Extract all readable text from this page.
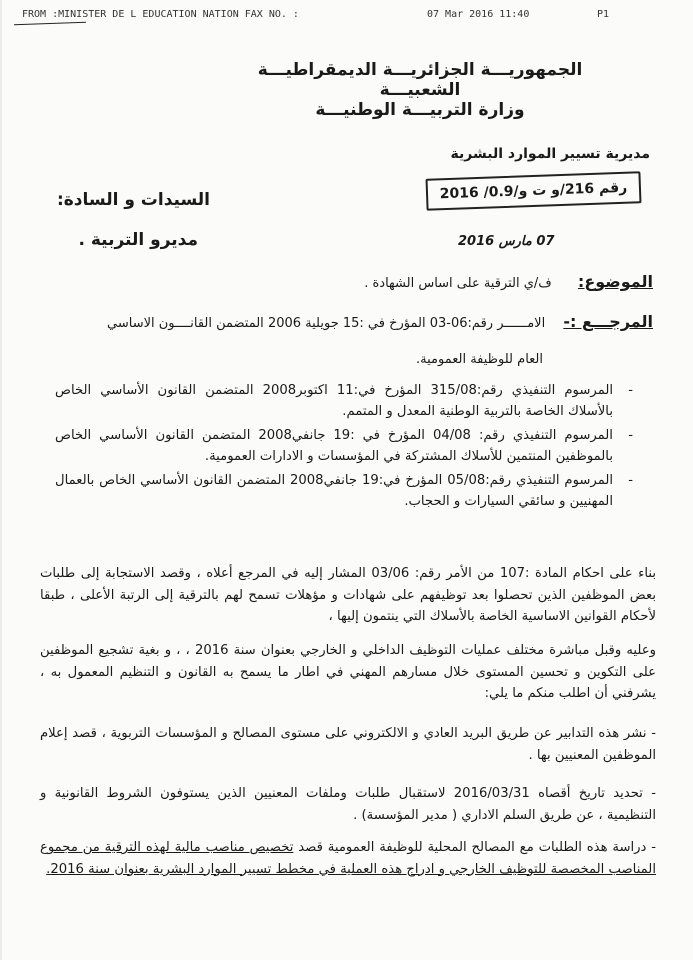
FROM :MINISTER DE L EDUCATION NATION FAX NO. :	07 Mar 2016 11:40	P1
الجمهوريـــة الجزائريـــة الديمقراطيـــة الشعبيـــة
وزارة التربيـــة الوطنيـــة
مديرية تسيير الموارد البشرية
رقم 216/و ت و/0.9/ 2016
السيدات و السادة:
07 مارس 2016
مديرو التربية .
الموضوع: ف/ي الترقية على اساس الشهادة .
المرجـــع :- الامــــــر رقم:06-03 المؤرخ في :15 جويلية 2006 المتضمن القانــــون الاساسي
العام للوظيفة العمومية.
-
المرسوم التنفيذي رقم:315/08 المؤرخ في:11 اكتوبر2008 المتضمن القانون الأساسي الخاص بالأسلاك الخاصة بالتربية الوطنية المعدل و المتمم.
-
المرسوم التنفيذي رقم: 04/08 المؤرخ في :19 جانفي2008 المتضمن القانون الأساسي الخاص بالموظفين المنتمين للأسلاك المشتركة في المؤسسات و الادارات العمومية.
-
المرسوم التنفيذي رقم:05/08 المؤرخ في:19 جانفي2008 المتضمن القانون الأساسي الخاص بالعمال المهنيين و سائقي السيارات و الحجاب.
بناء على احكام المادة :107 من الأمر رقم: 03/06 المشار إليه في المرجع أعلاه ، وقصد الاستجابة إلى طلبات بعض الموظفين الذين تحصلوا بعد توظيفهم على شهادات و مؤهلات تسمح لهم بالترقية إلى الرتبة الأعلى ، طبقا لأحكام القوانين الاساسية الخاصة بالأسلاك التي ينتمون إليها ،
وعليه وقبل مباشرة مختلف عمليات التوظيف الداخلي و الخارجي بعنوان سنة 2016 ، ، و بغية تشجيع الموظفين على التكوين و تحسين المستوى خلال مسارهم المهني في اطار ما يسمح به القانون و التنظيم المعمول به ، يشرفني أن اطلب منكم ما يلي:
- نشر هذه التدابير عن طريق البريد العادي و الالكتروني على مستوى المصالح و المؤسسات التربوية ، قصد إعلام الموظفين المعنيين بها .
- تحديد تاريخ أقصاه 2016/03/31 لاستقبال طلبات وملفات المعنيين الذين يستوفون الشروط القانونية و التنظيمية ، عن طريق السلم الاداري ( مدير المؤسسة) .
- دراسة هذه الطلبات مع المصالح المحلية للوظيفة العمومية قصد تخصيص مناصب مالية لهذه الترقية من مجموع المناصب المخصصة للتوظيف الخارجي و ادراج هذه العملية في مخطط تسيير الموارد البشرية بعنوان سنة 2016.
